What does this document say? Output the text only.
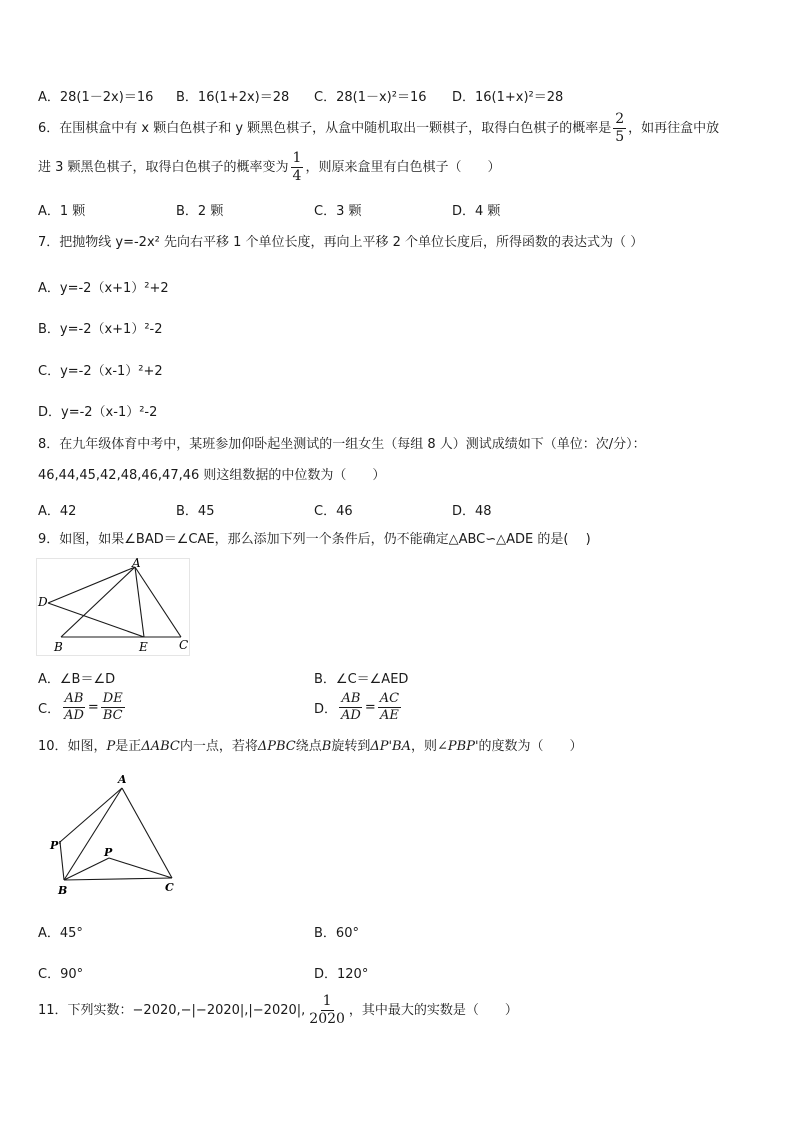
A．28(1－2x)＝16 B．16(1+2x)＝28 C．28(1－x)²＝16 D．16(1+x)²＝28
6．在围棋盒中有 x 颗白色棋子和 y 颗黑色棋子，从盒中随机取出一颗棋子，取得白色棋子的概率是 $\frac{2}{5}$ ，如再往盒中放
进 3 颗黑色棋子，取得白色棋子的概率变为 $\frac{1}{4}$ ，则原来盒里有白色棋子（　　）
A．1 颗	B．2 颗	C．3 颗	D．4 颗
7．把抛物线 y=-2x² 先向右平移 1 个单位长度，再向上平移 2 个单位长度后，所得函数的表达式为（ ）
A．y=-2（x+1）²+2
B．y=-2（x+1）²-2
C．y=-2（x-1）²+2
D．y=-2（x-1）²-2
8．在九年级体育中考中，某班参加仰卧起坐测试的一组女生（每组 8 人）测试成绩如下（单位：次/分）：
46,44,45,42,48,46,47,46 则这组数据的中位数为（　　）
A．42	B．45	C．46	D．48
9．如图，如果∠BAD＝∠CAE，那么添加下列一个条件后，仍不能确定△ABC∽△ADE 的是(　 )
A
D
B	E	C
A．∠B＝∠D	B．∠C＝∠AED
C． $\frac{AB}{AD} = \frac{DE}{BC}$	D． $\frac{AB}{AD} = \frac{AC}{AE}$
10．如图，P是正ΔABC内一点，若将ΔPBC绕点B旋转到ΔP'BA，则∠PBP'的度数为（　　）
A
P'
P
B	C
A．45°	B．60°
C．90°	D．120°
11．下列实数：−2020,−|−2020|,|−2020|, $\frac{1}{2020}$ ，其中最大的实数是（　　）
